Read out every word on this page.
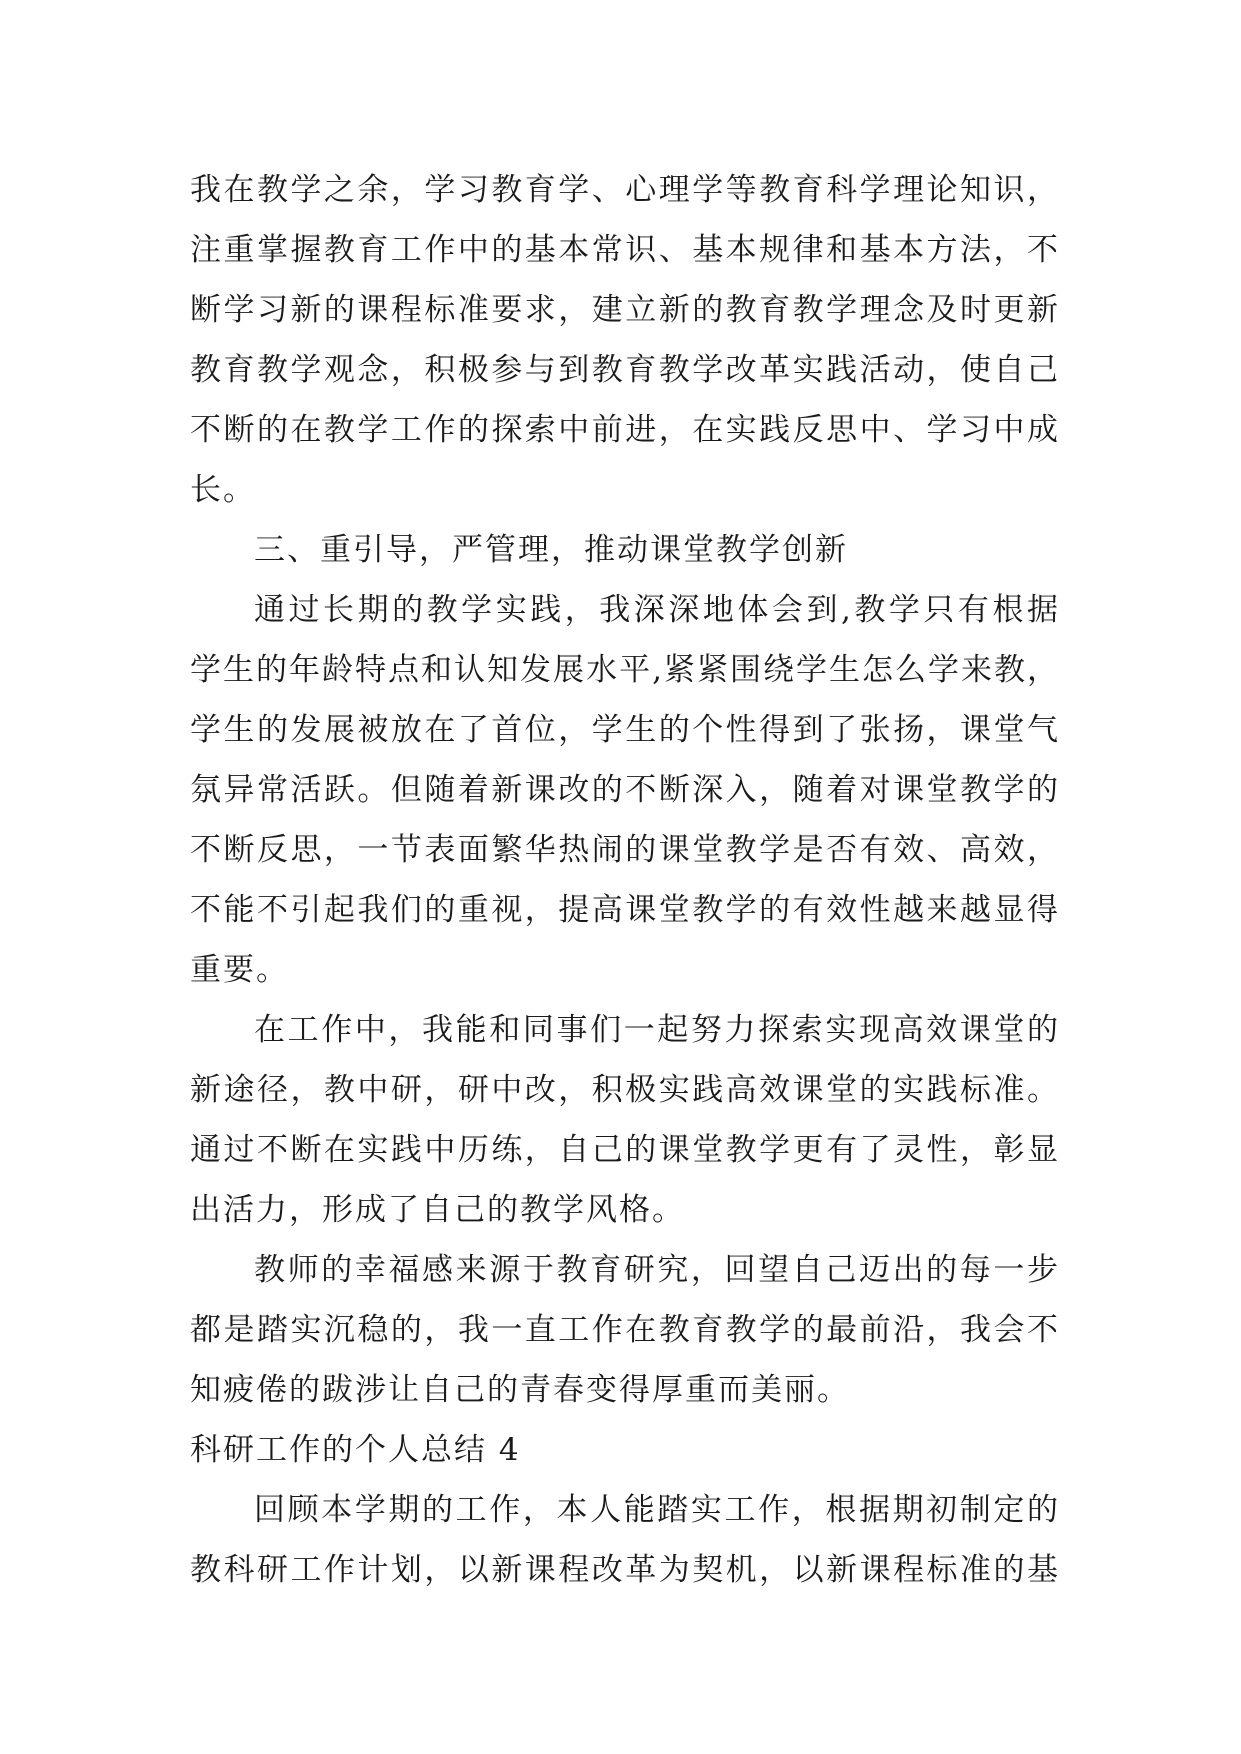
我在教学之余，学习教育学、心理学等教育科学理论知识，
注重掌握教育工作中的基本常识、基本规律和基本方法，不
断学习新的课程标准要求，建立新的教育教学理念及时更新
教育教学观念，积极参与到教育教学改革实践活动，使自己
不断的在教学工作的探索中前进，在实践反思中、学习中成
长。
三、重引导，严管理，推动课堂教学创新
通过长期的教学实践，我深深地体会到,教学只有根据
学生的年龄特点和认知发展水平,紧紧围绕学生怎么学来教，
学生的发展被放在了首位，学生的个性得到了张扬，课堂气
氛异常活跃。但随着新课改的不断深入，随着对课堂教学的
不断反思，一节表面繁华热闹的课堂教学是否有效、高效，
不能不引起我们的重视，提高课堂教学的有效性越来越显得
重要。
在工作中，我能和同事们一起努力探索实现高效课堂的
新途径，教中研，研中改，积极实践高效课堂的实践标准。
通过不断在实践中历练，自己的课堂教学更有了灵性，彰显
出活力，形成了自己的教学风格。
教师的幸福感来源于教育研究，回望自己迈出的每一步
都是踏实沉稳的，我一直工作在教育教学的最前沿，我会不
知疲倦的跋涉让自己的青春变得厚重而美丽。
科研工作的个人总结 4
回顾本学期的工作，本人能踏实工作，根据期初制定的
教科研工作计划，以新课程改革为契机，以新课程标准的基
